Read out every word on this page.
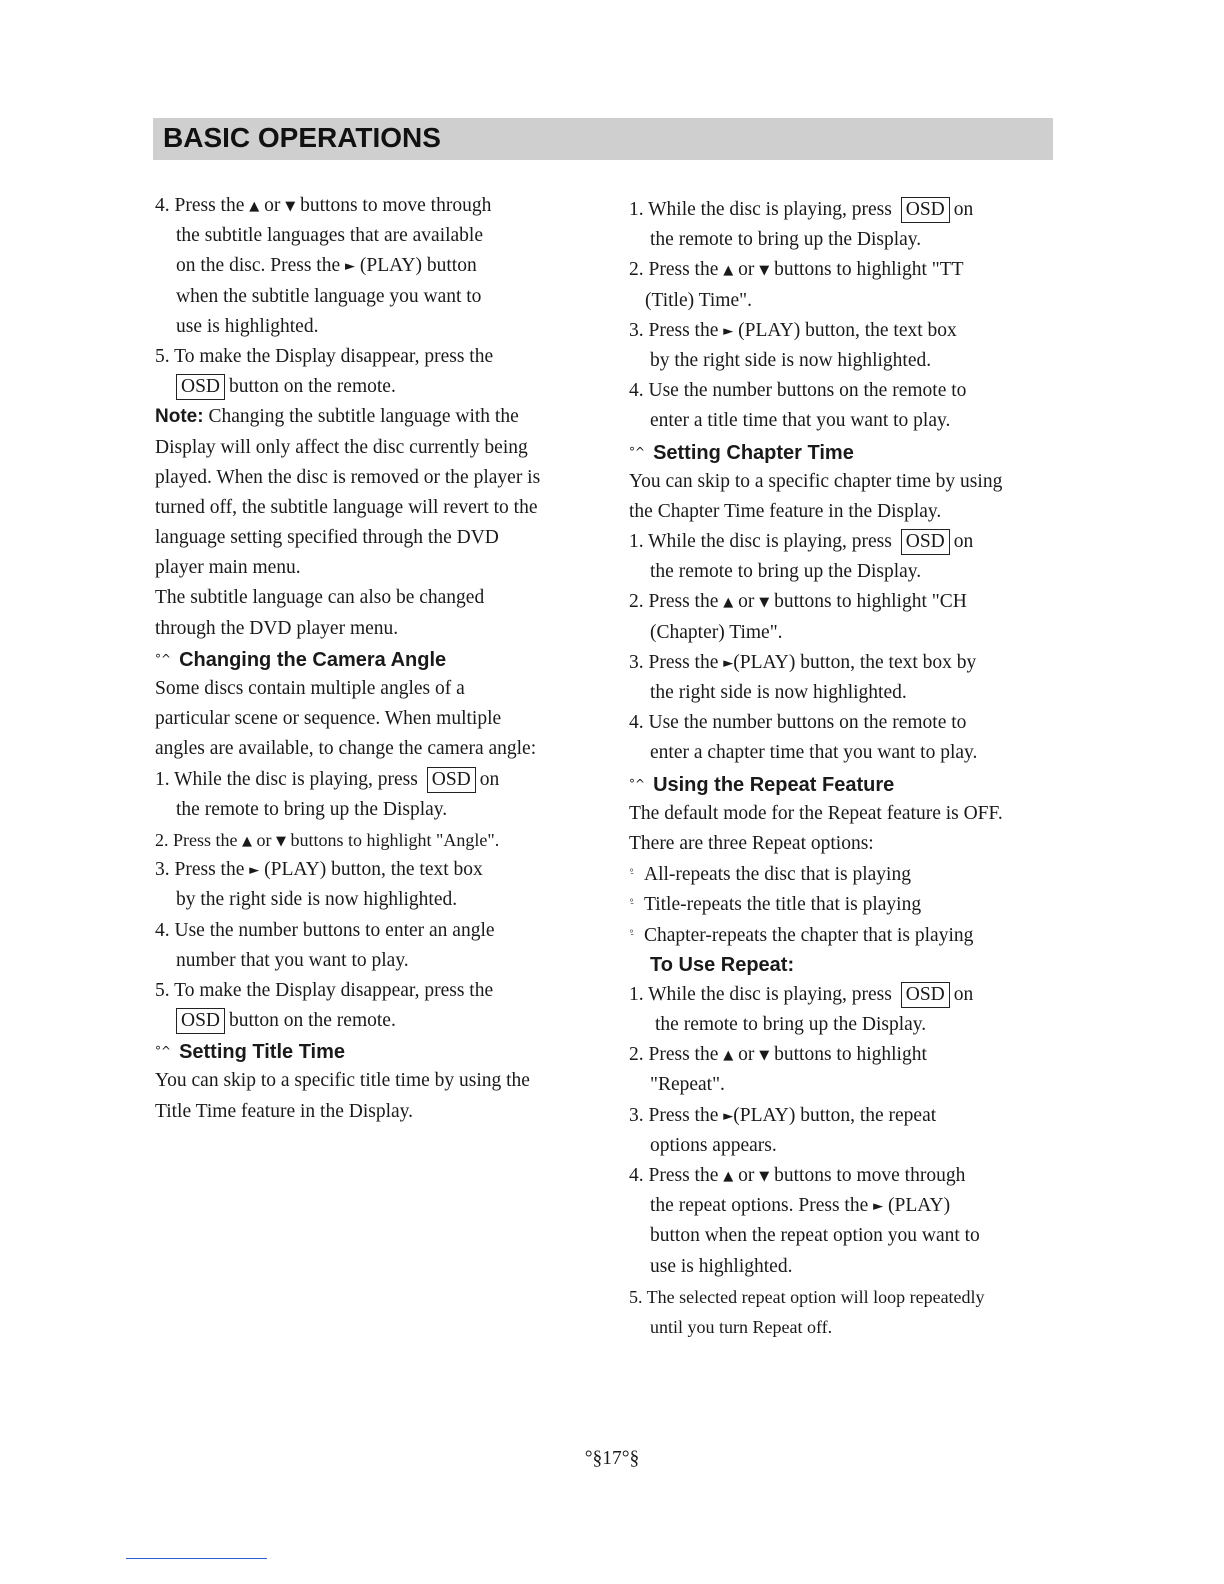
BASIC OPERATIONS
4. Press the ▲ or ▼ buttons to move through
the subtitle languages that are available
on the disc. Press the ► (PLAY) button
when the subtitle language you want to
use is highlighted.
5. To make the Display disappear, press the
OSD button on the remote.
Note: Changing the subtitle language with the
Display will only affect the disc currently being
played. When the disc is removed or the player is
turned off, the subtitle language will revert to the
language setting specified through the DVD
player main menu.
The subtitle language can also be changed
through the DVD player menu.
°^ Changing the Camera Angle
Some discs contain multiple angles of a
particular scene or sequence. When multiple
angles are available, to change the camera angle:
1. While the disc is playing, press OSD on
the remote to bring up the Display.
2. Press the ▲ or ▼ buttons to highlight "Angle".
3. Press the ► (PLAY) button, the text box
by the right side is now highlighted.
4. Use the number buttons to enter an angle
number that you want to play.
5. To make the Display disappear, press the
OSD button on the remote.
°^ Setting Title Time
You can skip to a specific title time by using the
Title Time feature in the Display.
1. While the disc is playing, press OSD on
the remote to bring up the Display.
2. Press the ▲ or ▼ buttons to highlight "TT
(Title) Time".
3. Press the ► (PLAY) button, the text box
by the right side is now highlighted.
4. Use the number buttons on the remote to
enter a title time that you want to play.
°^ Setting Chapter Time
You can skip to a specific chapter time by using
the Chapter Time feature in the Display.
1. While the disc is playing, press OSD on
the remote to bring up the Display.
2. Press the ▲ or ▼ buttons to highlight "CH
(Chapter) Time".
3. Press the ►(PLAY) button, the text box by
the right side is now highlighted.
4. Use the number buttons on the remote to
enter a chapter time that you want to play.
°^ Using the Repeat Feature
The default mode for the Repeat feature is OFF.
There are three Repeat options:
°̵ All-repeats the disc that is playing
°̵ Title-repeats the title that is playing
°̵ Chapter-repeats the chapter that is playing
To Use Repeat:
1. While the disc is playing, press OSD on
the remote to bring up the Display.
2. Press the ▲ or ▼ buttons to highlight
"Repeat".
3. Press the ►(PLAY) button, the repeat
options appears.
4. Press the ▲ or ▼ buttons to move through
the repeat options. Press the ► (PLAY)
button when the repeat option you want to
use is highlighted.
5. The selected repeat option will loop repeatedly
until you turn Repeat off.
°§17°§
